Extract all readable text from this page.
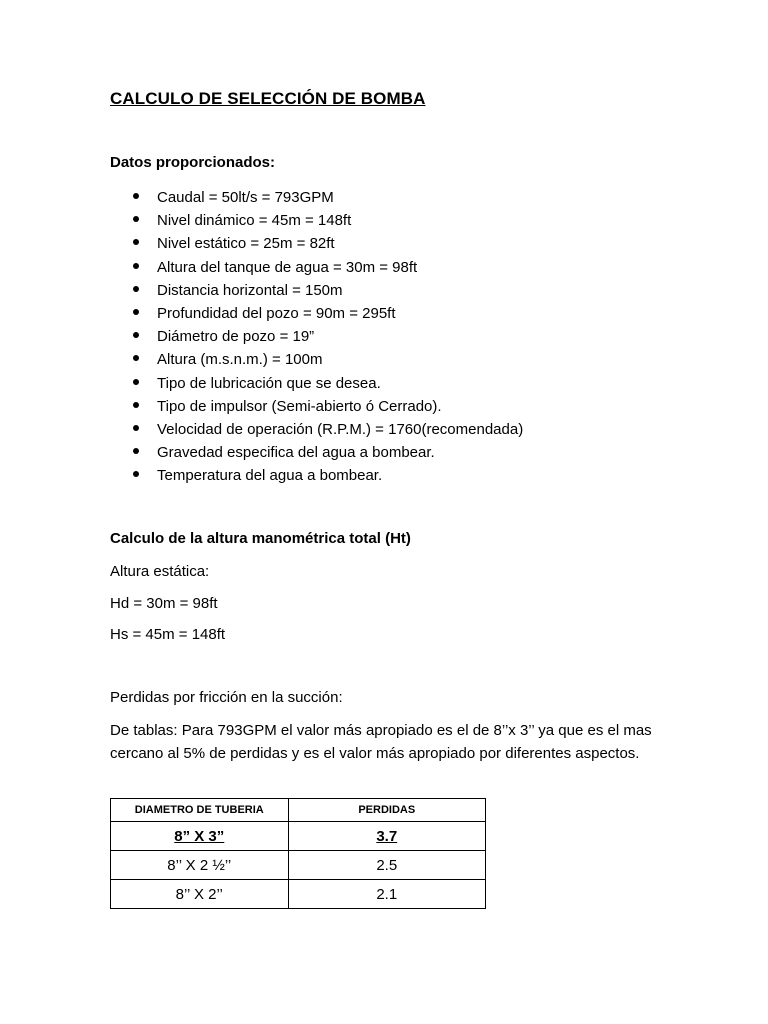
CALCULO DE SELECCIÓN DE BOMBA
Datos proporcionados:
Caudal = 50lt/s = 793GPM
Nivel dinámico = 45m = 148ft
Nivel estático = 25m = 82ft
Altura del tanque de agua = 30m = 98ft
Distancia horizontal = 150m
Profundidad del pozo = 90m = 295ft
Diámetro de pozo = 19”
Altura (m.s.n.m.) = 100m
Tipo de lubricación que se desea.
Tipo de impulsor (Semi-abierto ó Cerrado).
Velocidad de operación (R.P.M.) = 1760(recomendada)
Gravedad especifica del agua a bombear.
Temperatura del agua a bombear.
Calculo de la altura manométrica total (Ht)
Altura estática:
Hd = 30m = 98ft
Hs = 45m = 148ft
Perdidas por fricción en la succión:
De tablas: Para 793GPM el valor más apropiado es el de 8’’x 3’’ ya que es el mas cercano al 5% de perdidas y es el valor más apropiado por diferentes aspectos.
DIAMETRO DE TUBERIA	PERDIDAS
8” X 3”	3.7
8’’ X 2 ½’’	2.5
8’’ X 2’’	2.1
